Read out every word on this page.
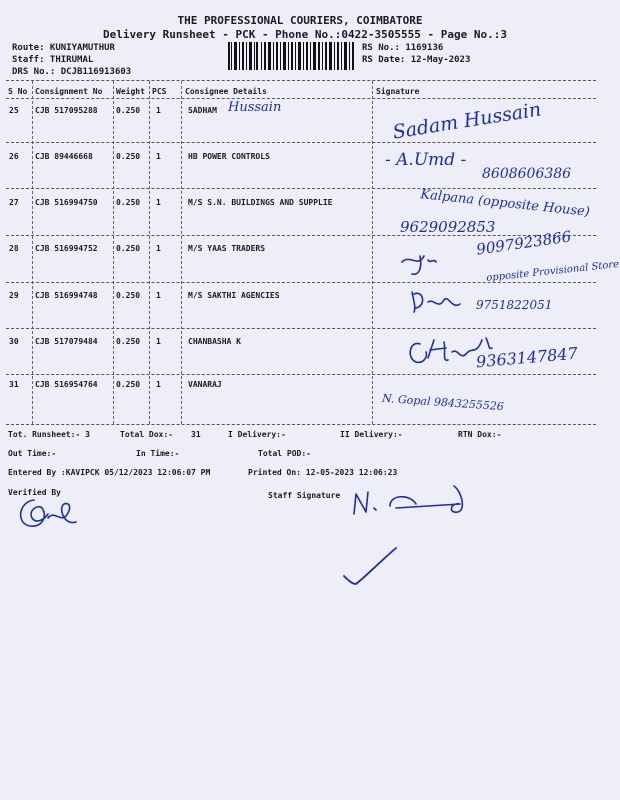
THE PROFESSIONAL COURIERS, COIMBATORE
Delivery Runsheet - PCK - Phone No.:0422-3505555 - Page No.:3
Route: KUNIYAMUTHUR
Staff: THIRUMAL
DRS No.: DCJB116913603
RS No.: 1169136
RS Date: 12-May-2023
S No Consignment No Weight PCS Consignee Details	Signature
25 CJB 517095288 0.250 1	SADHAM Hussain	Sadam Hussain
26 CJB 89446668	0.250 1	HB POWER CONTROLS	- A.Umd -
8608606386
27 CJB 516994750 0.250 1	M/S S.N. BUILDINGS AND SUPPLIE	Kalpana (opposite House)
9629092853
28 CJB 516994752 0.250 1	M/S YAAS TRADERS	9097923866
opposite Provisional Store
29 CJB 516994748 0.250 1	M/S SAKTHI AGENCIES
9751822051
30 CJB 517079484 0.250 1	CHANBASHA K
9363147847
31 CJB 516954764 0.250 1	VANARAJ
N. Gopal 9843255526
Tot. Runsheet:- 3	Total Dox:- 31	I Delivery:-	II Delivery:-	RTN Dox:-
Out Time:-	In Time:-	Total POD:-
Entered By :KAVIPCK 05/12/2023 12:06:07 PM	Printed On: 12-05-2023 12:06:23
Verified By	Staff Signature
